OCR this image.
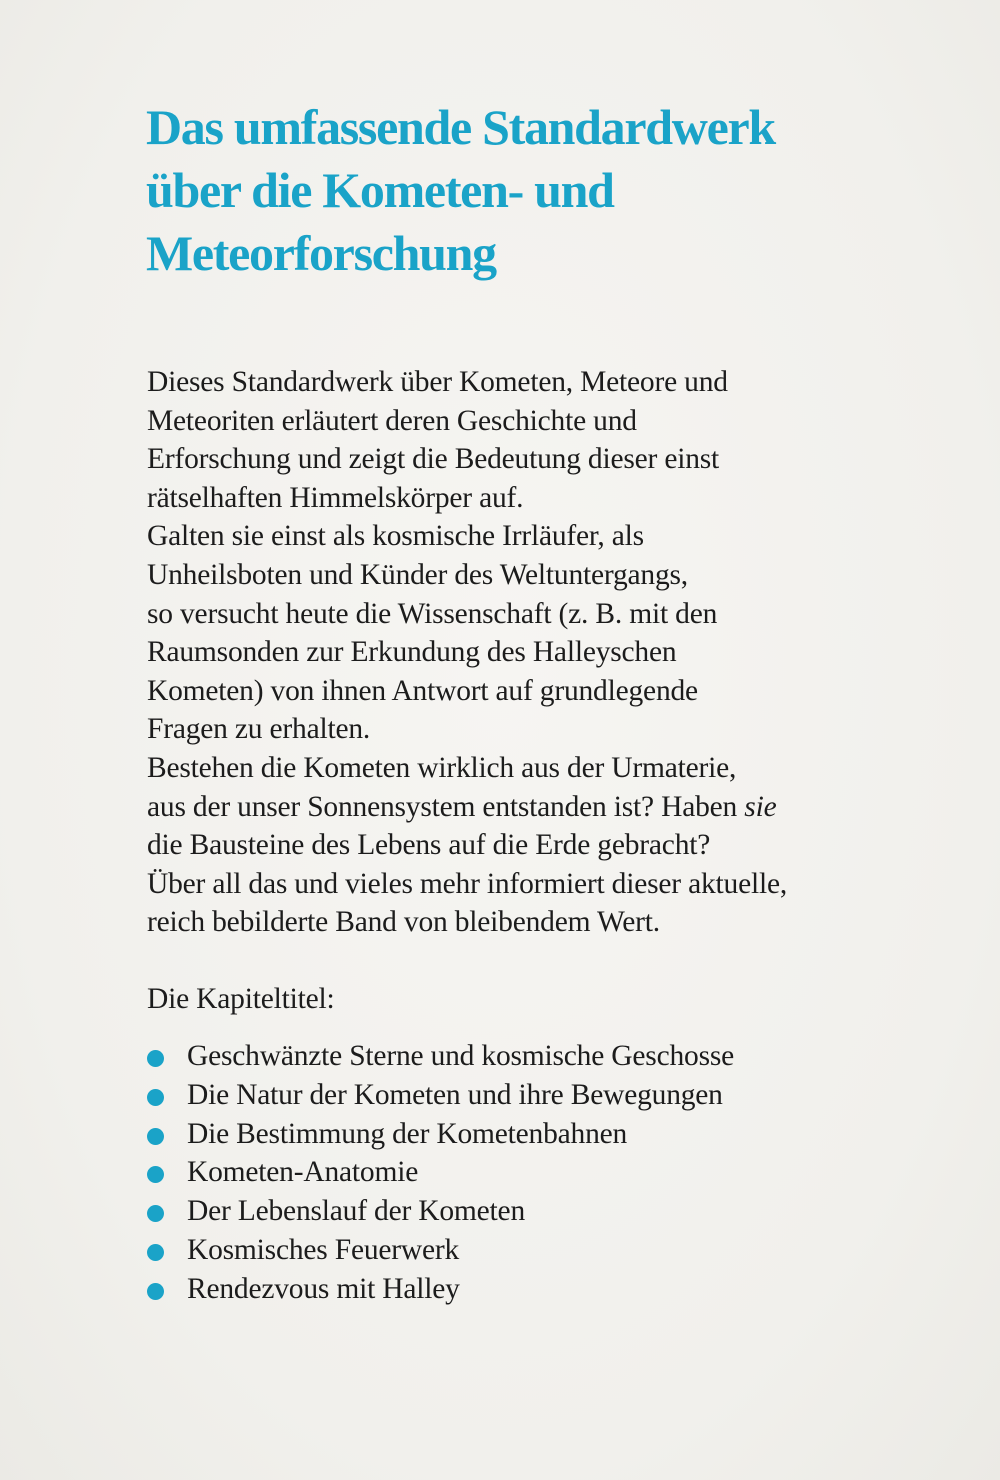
Das umfassende Standardwerk
über die Kometen- und
Meteorforschung
Dieses Standardwerk über Kometen, Meteore und
Meteoriten erläutert deren Geschichte und
Erforschung und zeigt die Bedeutung dieser einst
rätselhaften Himmelskörper auf.
Galten sie einst als kosmische Irrläufer, als
Unheilsboten und Künder des Weltuntergangs,
so versucht heute die Wissenschaft (z. B. mit den
Raumsonden zur Erkundung des Halleyschen
Kometen) von ihnen Antwort auf grundlegende
Fragen zu erhalten.
Bestehen die Kometen wirklich aus der Urmaterie,
aus der unser Sonnensystem entstanden ist? Haben sie
die Bausteine des Lebens auf die Erde gebracht?
Über all das und vieles mehr informiert dieser aktuelle,
reich bebilderte Band von bleibendem Wert.
Die Kapiteltitel:
Geschwänzte Sterne und kosmische Geschosse
Die Natur der Kometen und ihre Bewegungen
Die Bestimmung der Kometenbahnen
Kometen-Anatomie
Der Lebenslauf der Kometen
Kosmisches Feuerwerk
Rendezvous mit Halley
